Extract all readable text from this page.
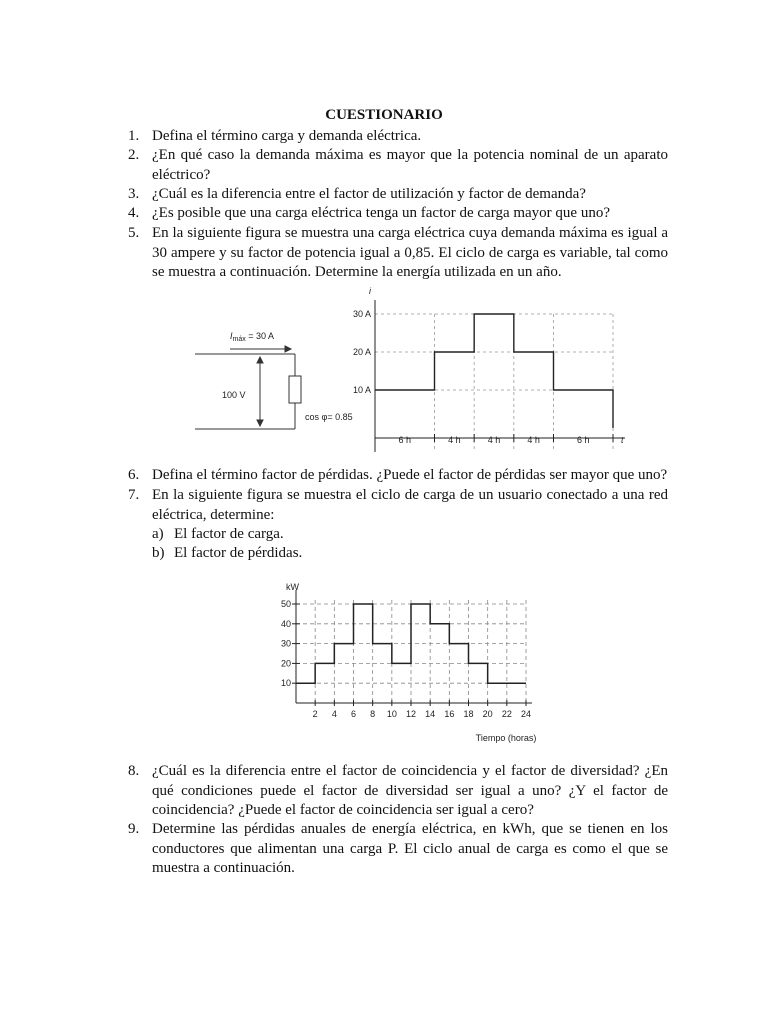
CUESTIONARIO
1. Defina el término carga y demanda eléctrica.
2. ¿En qué caso la demanda máxima es mayor que la potencia nominal de un aparato eléctrico?
3. ¿Cuál es la diferencia entre el factor de utilización y factor de demanda?
4. ¿Es posible que una carga eléctrica tenga un factor de carga mayor que uno?
5. En la siguiente figura se muestra una carga eléctrica cuya demanda máxima es igual a 30 ampere y su factor de potencia igual a 0,85. El ciclo de carga es variable, tal como se muestra a continuación. Determine la energía utilizada en un año.
$I_{máx} = 30$ A
100 V
cos φ= 0.85
10 A
20 A
30 A
i
t
6 h	4 h	4 h	4 h	6 h
6. Defina el término factor de pérdidas. ¿Puede el factor de pérdidas ser mayor que uno?
7. En la siguiente figura se muestra el ciclo de carga de un usuario conectado a una red eléctrica, determine:
a) El factor de carga.
b) El factor de pérdidas.
10
20
30
40
50
2 4 6 8 10 12 14 16 18 20 22 24
kW
Tiempo (horas)
8. ¿Cuál es la diferencia entre el factor de coincidencia y el factor de diversidad? ¿En qué condiciones puede el factor de diversidad ser igual a uno? ¿Y el factor de coincidencia? ¿Puede el factor de coincidencia ser igual a cero?
9. Determine las pérdidas anuales de energía eléctrica, en kWh, que se tienen en los conductores que alimentan una carga P. El ciclo anual de carga es como el que se muestra a continuación.
